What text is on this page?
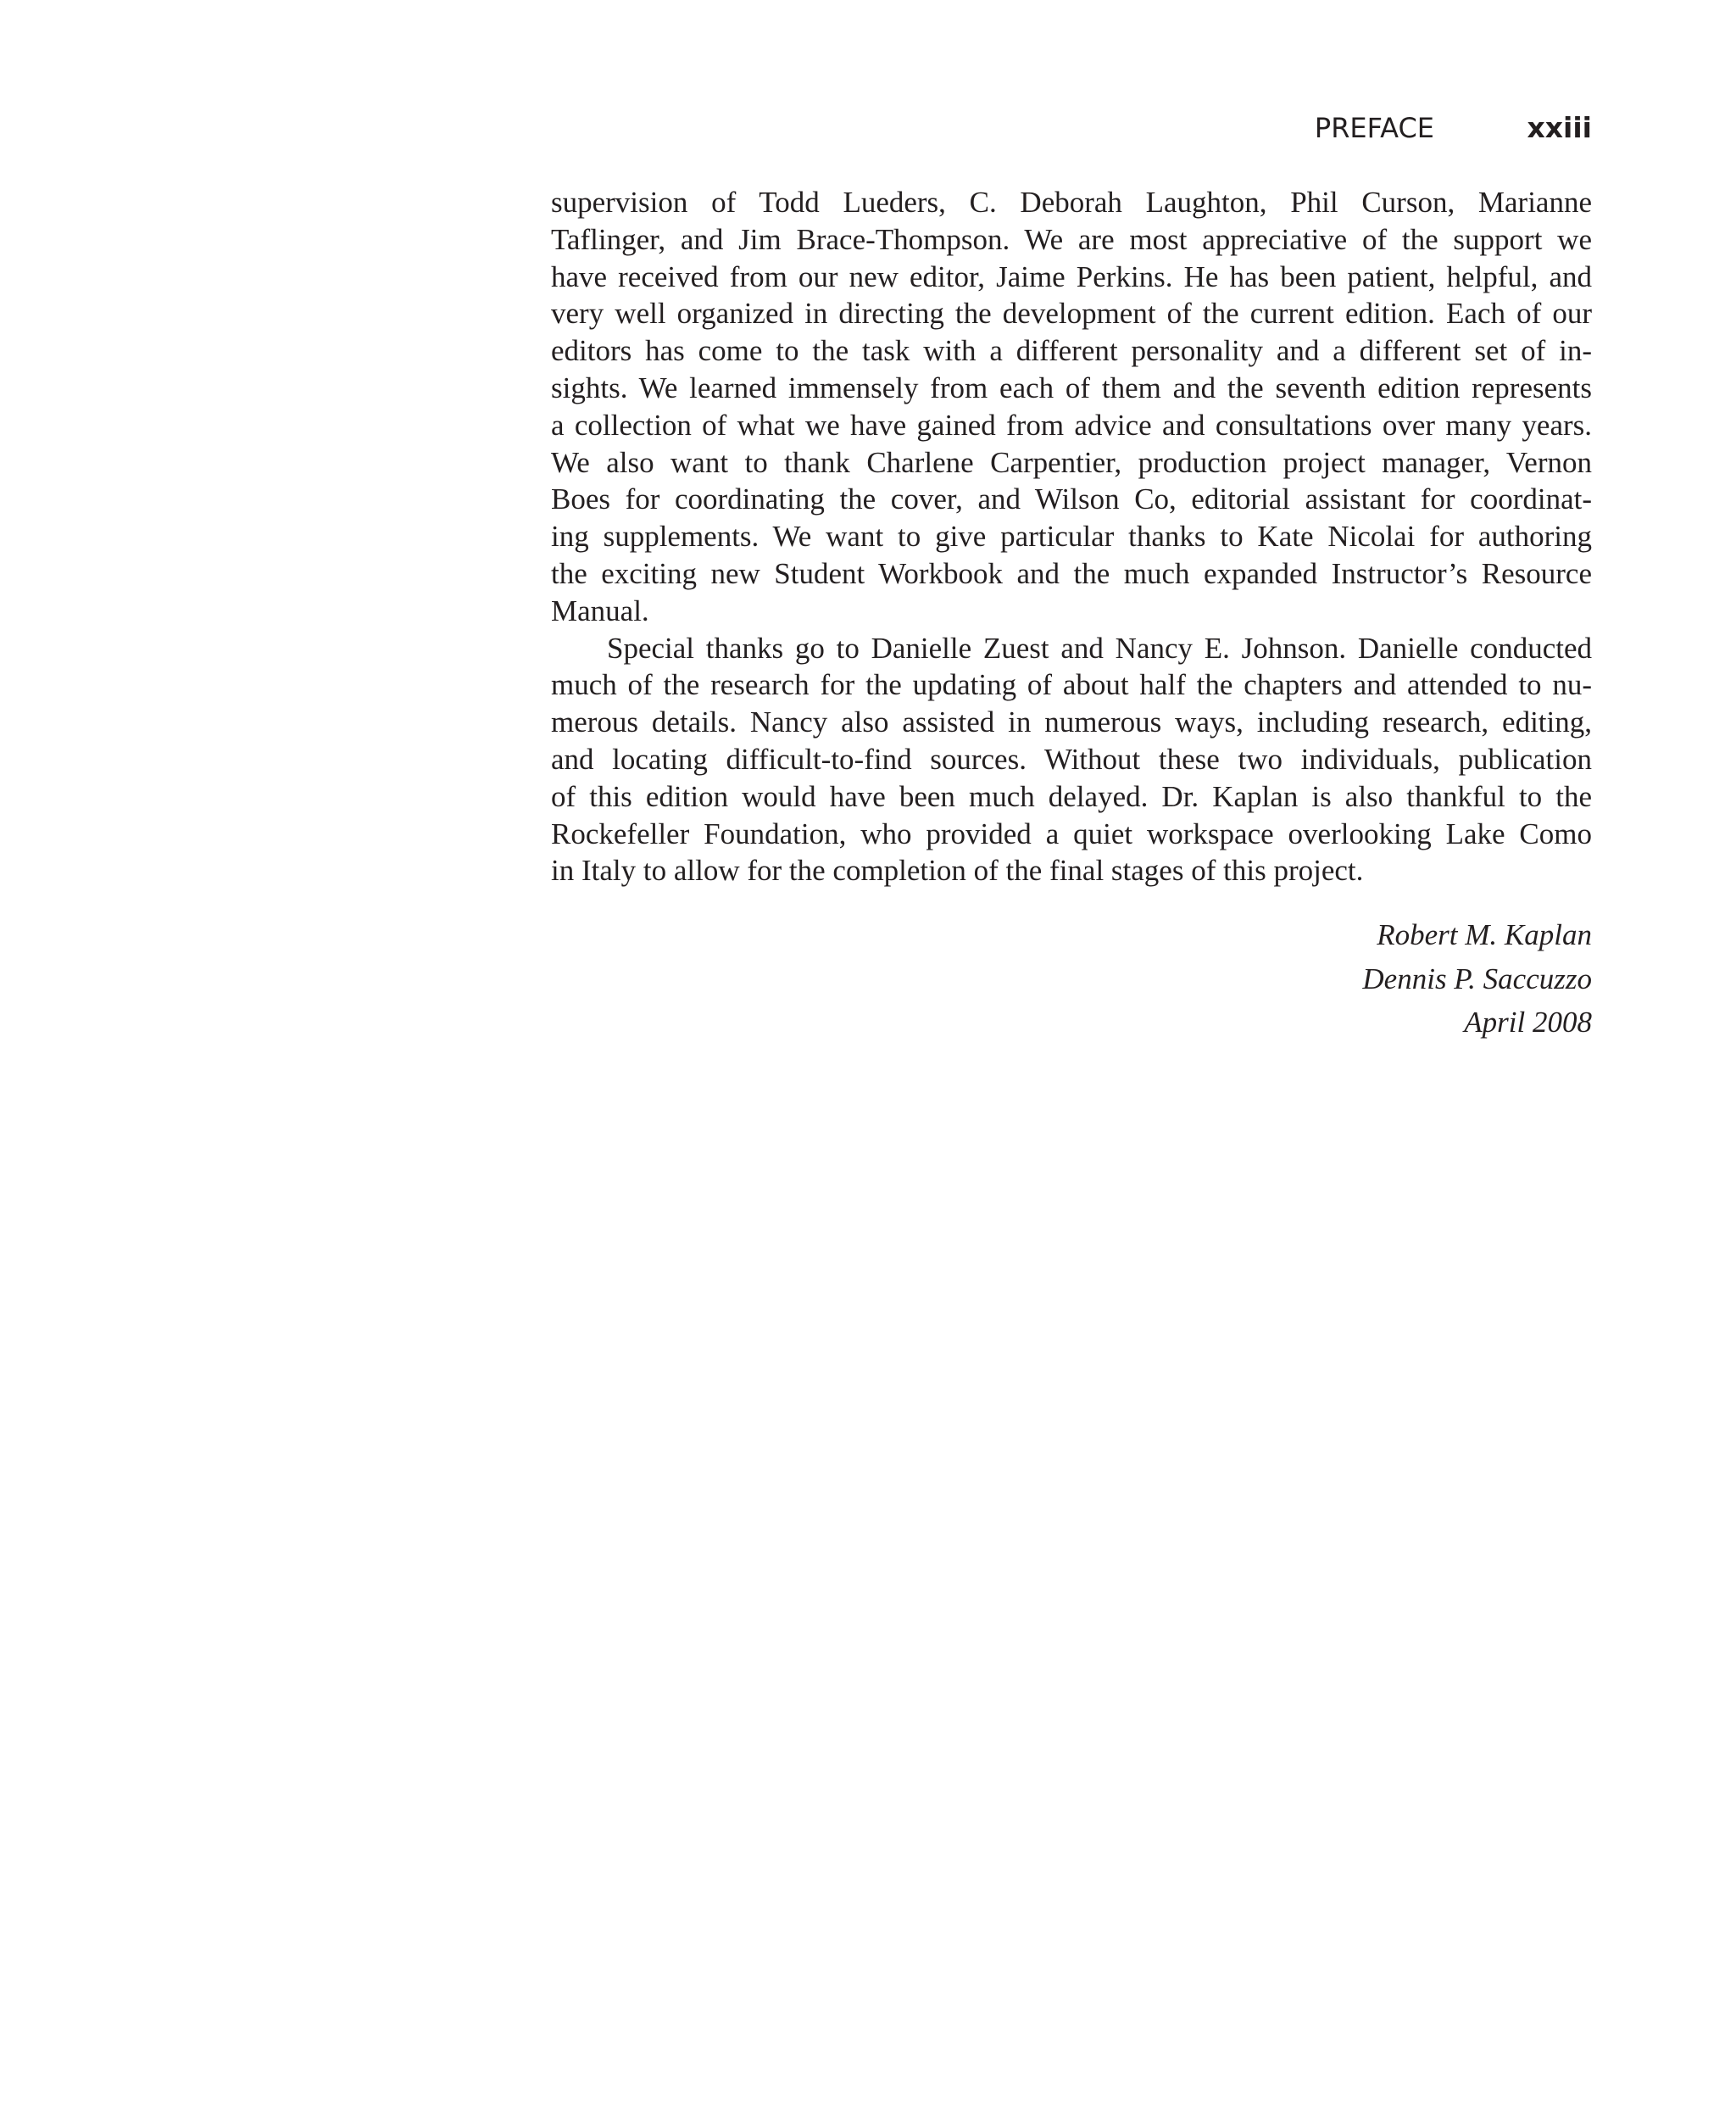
PREFACE	xxiii

supervision of Todd Lueders, C. Deborah Laughton, Phil Curson, Marianne
Taflinger, and Jim Brace-Thompson. We are most appreciative of the support we
have received from our new editor, Jaime Perkins. He has been patient, helpful, and
very well organized in directing the development of the current edition. Each of our
editors has come to the task with a different personality and a different set of in-
sights. We learned immensely from each of them and the seventh edition represents
a collection of what we have gained from advice and consultations over many years.
We also want to thank Charlene Carpentier, production project manager, Vernon
Boes for coordinating the cover, and Wilson Co, editorial assistant for coordinat-
ing supplements. We want to give particular thanks to Kate Nicolai for authoring
the exciting new Student Workbook and the much expanded Instructor’s Resource
Manual.

Special thanks go to Danielle Zuest and Nancy E. Johnson. Danielle conducted
much of the research for the updating of about half the chapters and attended to nu-
merous details. Nancy also assisted in numerous ways, including research, editing,
and locating difficult-to-find sources. Without these two individuals, publication
of this edition would have been much delayed. Dr. Kaplan is also thankful to the
Rockefeller Foundation, who provided a quiet workspace overlooking Lake Como
in Italy to allow for the completion of the final stages of this project.

Robert M. Kaplan
Dennis P. Saccuzzo
April 2008
